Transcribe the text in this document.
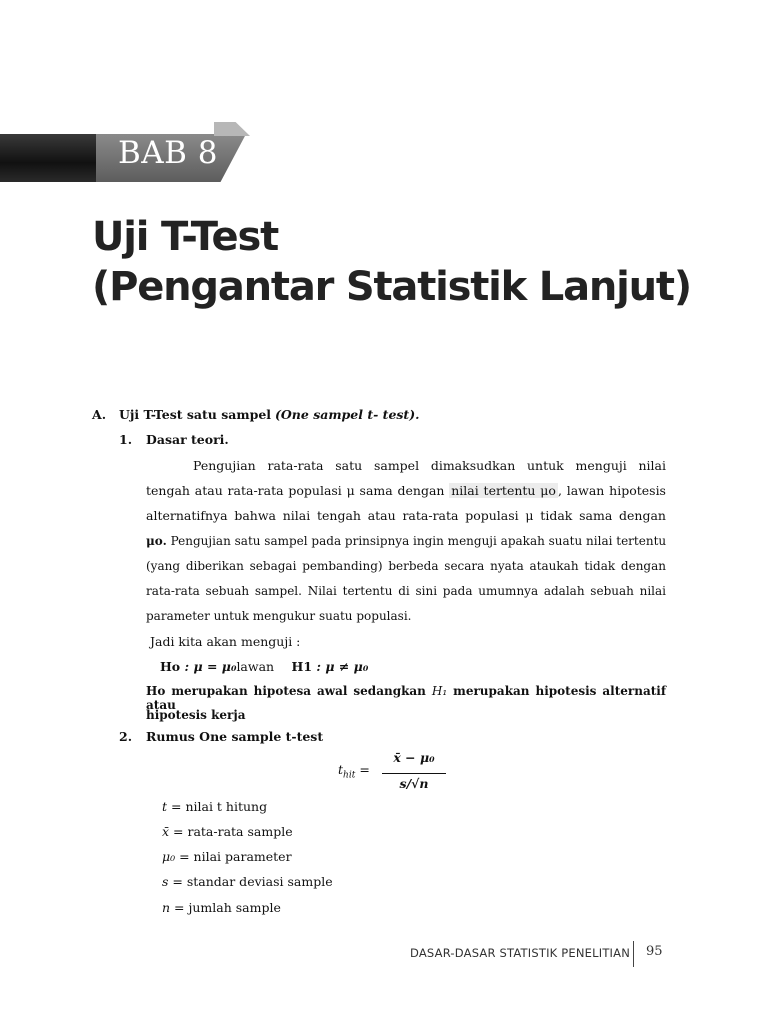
BAB 8
Uji T-Test
(Pengantar Statistik Lanjut)
A. Uji T-Test satu sampel (One sampel t- test).
1. Dasar teori.
Pengujian rata-rata satu sampel dimaksudkan untuk menguji nilai
tengah atau rata-rata populasi μ sama dengan nilai tertentu μo , lawan hipotesis
alternatifnya bahwa nilai tengah atau rata-rata populasi μ tidak sama dengan
μo. Pengujian satu sampel pada prinsipnya ingin menguji apakah suatu nilai tertentu
(yang diberikan sebagai pembanding) berbeda secara nyata ataukah tidak dengan
rata-rata sebuah sampel. Nilai tertentu di sini pada umumnya adalah sebuah nilai
parameter untuk mengukur suatu populasi.
Jadi kita akan menguji :
Ho : μ = μ₀lawan H1 : μ ≠ μ₀
Ho merupakan hipotesa awal sedangkan H₁ merupakan hipotesis alternatif atau
hipotesis kerja
2. Rumus One sample t-test
$t_{hit}$ =
x̄ − μ₀
s/√n
t = nilai t hitung
x̄ = rata-rata sample
μ₀ = nilai parameter
s = standar deviasi sample
n = jumlah sample
DASAR-DASAR STATISTIK PENELITIAN 95
